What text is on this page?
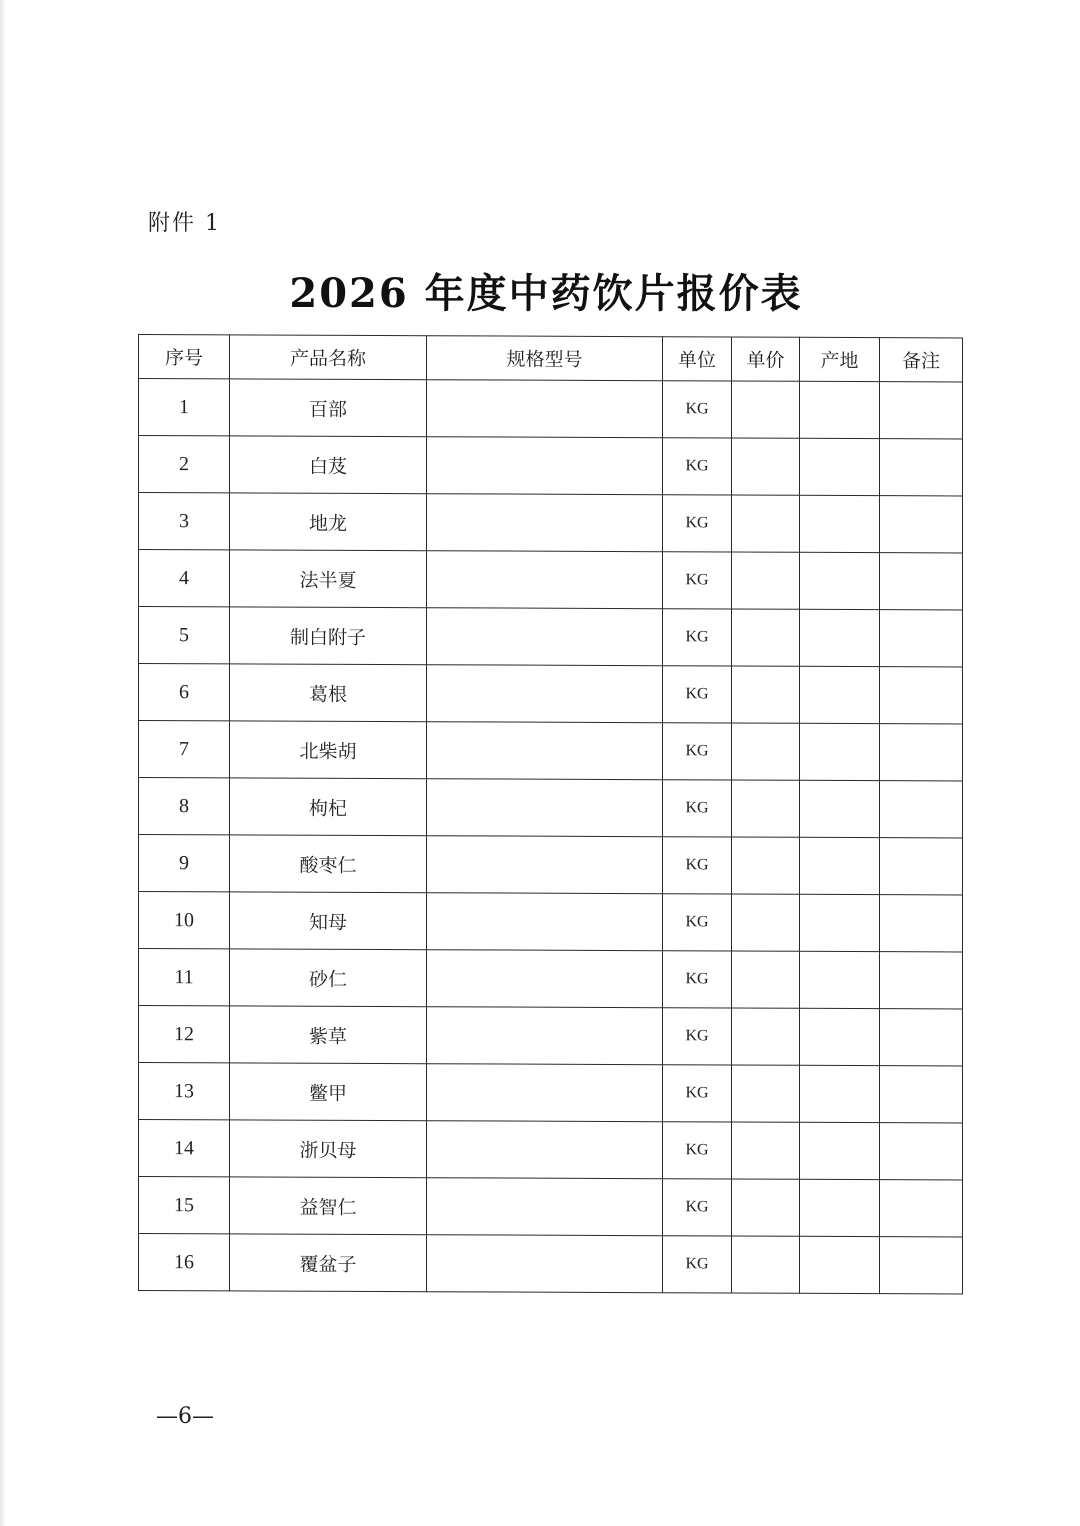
附件 1
2026 年度中药饮片报价表
序号	产品名称	规格型号	单位	单价	产地	备注
1	百部		KG			
2	白芨		KG			
3	地龙		KG			
4	法半夏		KG			
5	制白附子		KG			
6	葛根		KG			
7	北柴胡		KG			
8	枸杞		KG			
9	酸枣仁		KG			
10	知母		KG			
11	砂仁		KG			
12	紫草		KG			
13	鳖甲		KG			
14	浙贝母		KG			
15	益智仁		KG			
16	覆盆子		KG			
—6—
